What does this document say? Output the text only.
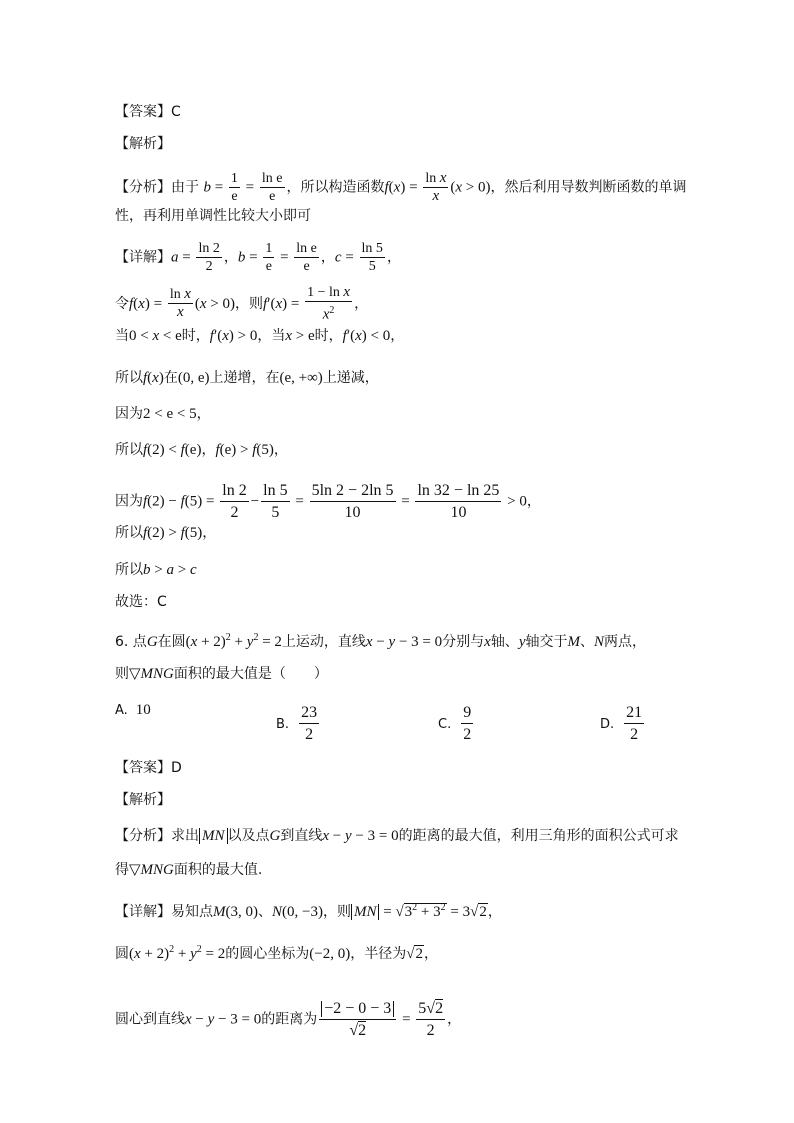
【答案】C
【解析】
【分析】由于 $b = \frac{1}{e} = \frac{\text{ln e}}{e}$ ，所以构造函数$f(x) = \frac{\text{ln x}}{x} (x > 0)$，然后利用导数判断函数的单调
性，再利用单调性比较大小即可
【详解】$a = \frac{\ln 2}{2}$ ，$b = \frac{1}{e} = \frac{\text{ln e}}{e}$ ，$c = \frac{\ln 5}{5}$ ，
令$f(x) = \frac{\text{ln x}}{x} (x > 0)$，则$f'(x) = \frac{\text{1 − ln x}}{x^2}$ ，
当0 < x < e时，f′(x) > 0，当x > e时，f′(x) < 0，
所以f(x)在(0, e)上递增，在(e, +∞)上递减，
因为2 < e < 5，
所以f(2) < f(e)，f(e) > f(5)，
因为$f(2) - f(5) = \frac{\ln 2}{2} - \frac{\ln 5}{5} = \frac{5\ln 2 - 2\ln 5}{10} = \frac{\ln 32 - \ln 25}{10} > 0$，
所以f(2) > f(5)，
所以b > a > c
故选：C
6. 点G在圆$(x + 2)^2 + y^2 = 2$上运动，直线x − y − 3 = 0分别与x轴、y轴交于M、N两点，
则▽MNG面积的最大值是（　　）
A. 10
B. $\frac{23}{2}$	C. $\frac{9}{2}$	D. $\frac{21}{2}$
【答案】D
【解析】
【分析】求出 MN 以及点G到直线x − y − 3 = 0的距离的最大值，利用三角形的面积公式可求
得▽MNG面积的最大值.
【详解】易知点M(3, 0)、N(0, −3)，则 MN = $√3^2 + 3^2 = 3√2$，
圆$(x + 2)^2 + y^2 = 2$的圆心坐标为(−2, 0)，半径为√2，
圆心到直线x − y − 3 = 0的距离为 $\frac{-2 - 0 - 3}{√2} = \frac{5√2}{2}$ ，
